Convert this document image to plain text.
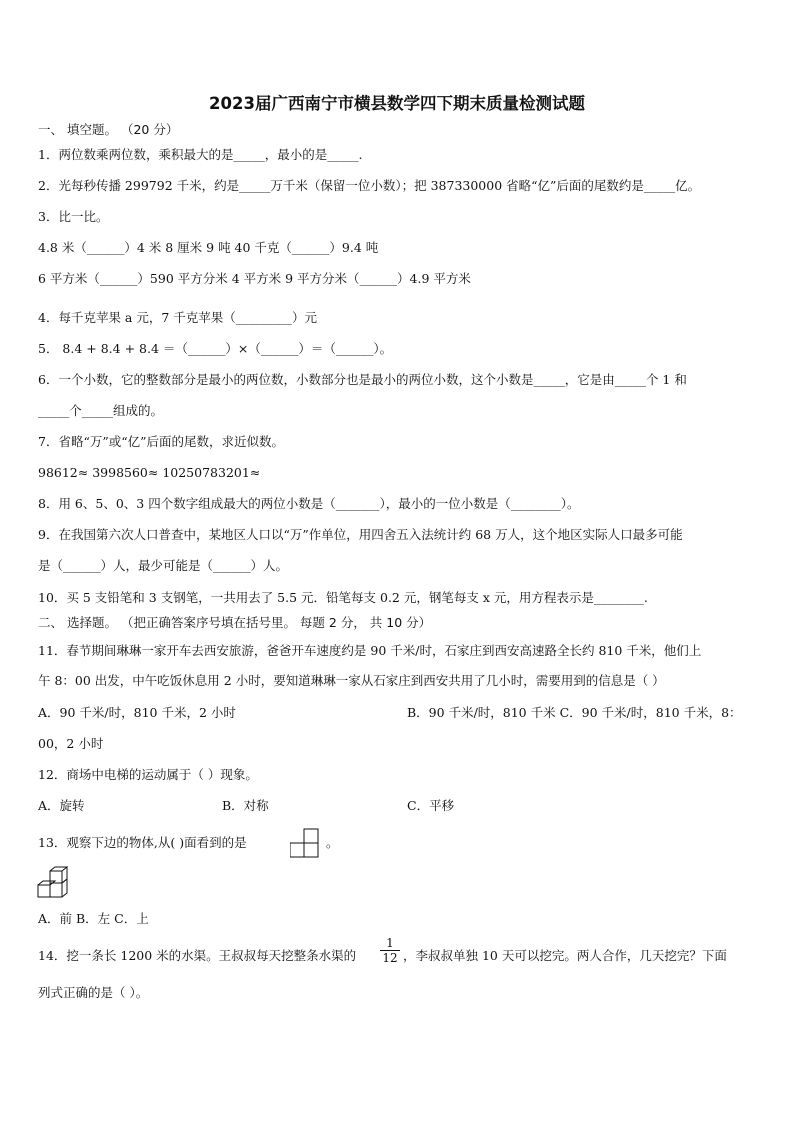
2023届广西南宁市横县数学四下期末质量检测试题
一、 填空题。 （20 分）
1．两位数乘两位数，乘积最大的是_____，最小的是_____.
2．光每秒传播 299792 千米，约是_____万千米（保留一位小数）；把 387330000 省略“亿”后面的尾数约是_____亿。
3．比一比。
4.8 米（______）4 米 8 厘米 9 吨 40 千克（______）9.4 吨
6 平方米（______）590 平方分米 4 平方米 9 平方分米（______）4.9 平方米
4．每千克苹果 a 元，7 千克苹果（_________）元
5． 8.4 + 8.4 + 8.4 ＝（______）×（______）＝（______）。
6．一个小数，它的整数部分是最小的两位数，小数部分也是最小的两位小数，这个小数是_____，它是由_____个 1 和
_____个_____组成的。
7．省略“万”或“亿”后面的尾数，求近似数。
98612≈ 3998560≈ 10250783201≈
8．用 6、5、0、3 四个数字组成最大的两位小数是（_______），最小的一位小数是（________）。
9．在我国第六次人口普查中，某地区人口以“万”作单位，用四舍五入法统计约 68 万人，这个地区实际人口最多可能
是（______）人，最少可能是（______）人。
10．买 5 支铅笔和 3 支钢笔，一共用去了 5.5 元．铅笔每支 0.2 元，钢笔每支 x 元，用方程表示是________.
二、 选择题。 （把正确答案序号填在括号里。 每题 2 分， 共 10 分）
11．春节期间琳琳一家开车去西安旅游，爸爸开车速度约是 90 千米/时，石家庄到西安高速路全长约 810 千米，他们上
午 8：00 出发，中午吃饭休息用 2 小时，要知道琳琳一家从石家庄到西安共用了几小时，需要用到的信息是（ ）
A．90 千米/时，810 千米，2 小时	B．90 千米/时，810 千米 C．90 千米/时，810 千米，8：
00，2 小时
12．商场中电梯的运动属于（ ）现象。
A．旋转	B．对称	C．平移
13．观察下边的物体,从( )面看到的是	。
A．前 B．左 C．上
14．挖一条长 1200 米的水渠。王叔叔每天挖整条水渠的 $\frac{1}{12}$ ，李叔叔单独 10 天可以挖完。两人合作，几天挖完？下面
列式正确的是（ ）。
